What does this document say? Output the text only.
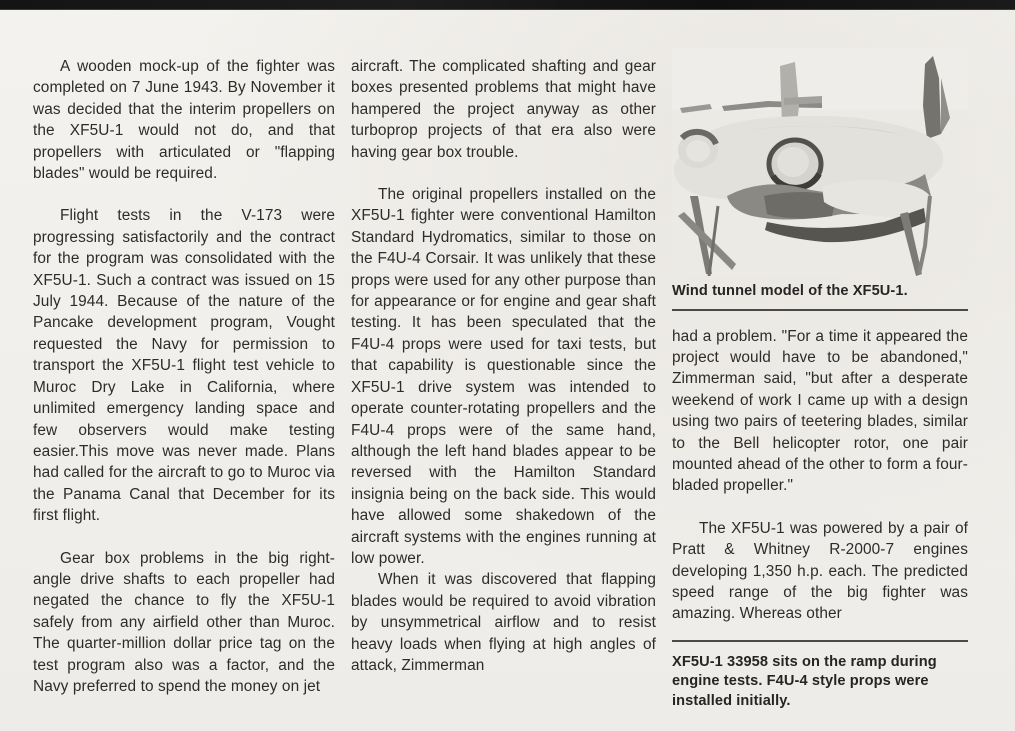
A wooden mock-up of the fighter was completed on 7 June 1943. By November it was decided that the interim propellers on the XF5U-1 would not do, and that propellers with articulated or "flapping blades" would be required.

Flight tests in the V-173 were progressing satisfactorily and the contract for the program was consolidated with the XF5U-1. Such a contract was issued on 15 July 1944. Because of the nature of the Pancake development program, Vought requested the Navy for permission to transport the XF5U-1 flight test vehicle to Muroc Dry Lake in California, where unlimited emergency landing space and few observers would make testing easier.This move was never made. Plans had called for the aircraft to go to Muroc via the Panama Canal that December for its first flight.

Gear box problems in the big right-angle drive shafts to each propeller had negated the chance to fly the XF5U-1 safely from any airfield other than Muroc. The quarter-million dollar price tag on the test program also was a factor, and the Navy preferred to spend the money on jet

aircraft. The complicated shafting and gear boxes presented problems that might have hampered the project anyway as other turboprop projects of that era also were having gear box trouble.

The original propellers installed on the XF5U-1 fighter were conventional Hamilton Standard Hydromatics, similar to those on the F4U-4 Corsair. It was unlikely that these props were used for any other purpose than for appearance or for engine and gear shaft testing. It has been speculated that the F4U-4 props were used for taxi tests, but that capability is questionable since the XF5U-1 drive system was intended to operate counter-rotating propellers and the F4U-4 props were of the same hand, although the left hand blades appear to be reversed with the Hamilton Standard insignia being on the back side. This would have allowed some shakedown of the aircraft systems with the engines running at low power.

When it was discovered that flapping blades would be required to avoid vibration by unsymmetrical airflow and to resist heavy loads when flying at high angles of attack, Zimmerman

Wind tunnel model of the XF5U-1.

had a problem. "For a time it appeared the project would have to be abandoned," Zimmerman said, "but after a desperate weekend of work I came up with a design using two pairs of teetering blades, similar to the Bell helicopter rotor, one pair mounted ahead of the other to form a four-bladed propeller."

The XF5U-1 was powered by a pair of Pratt & Whitney R-2000-7 engines developing 1,350 h.p. each. The predicted speed range of the big fighter was amazing. Whereas other

XF5U-1 33958 sits on the ramp during engine tests. F4U-4 style props were installed initially.
